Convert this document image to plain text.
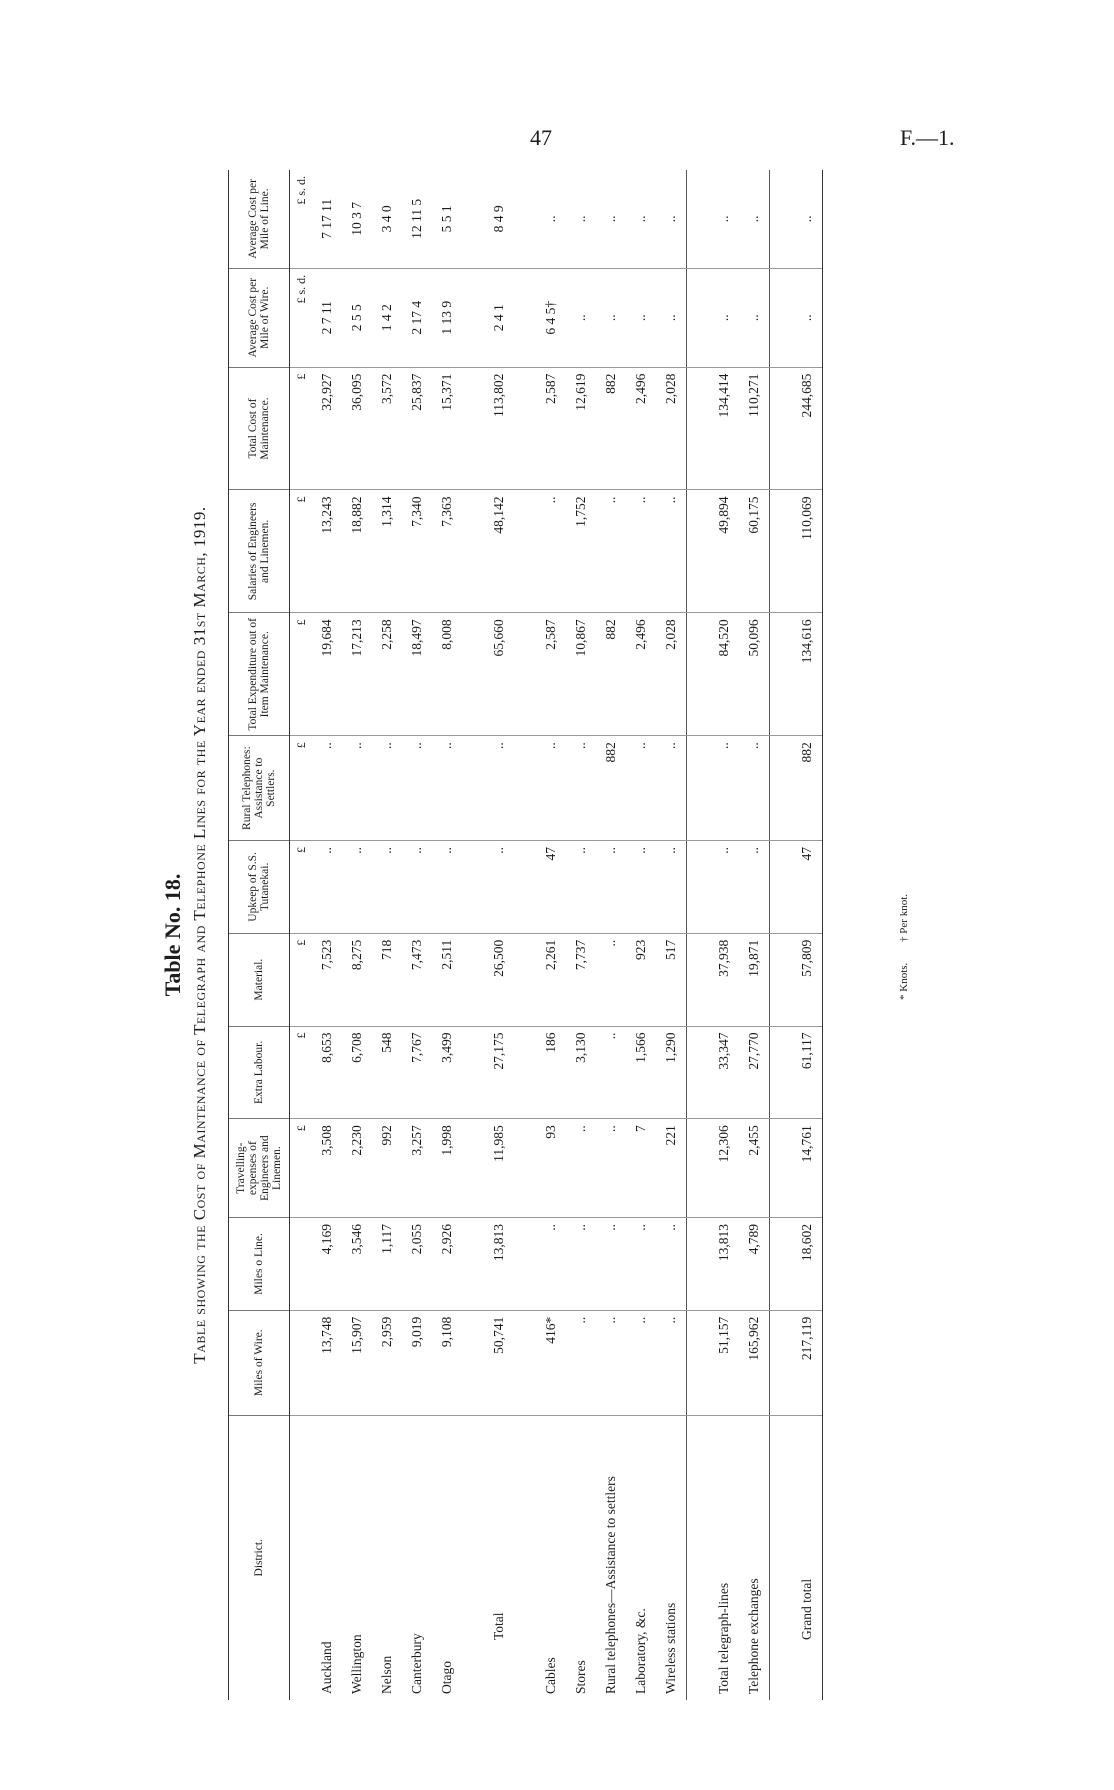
47	F.—1.
Table No. 18. Table showing the Cost of Maintenance of Telegraph and Telephone Lines for the Year ended 31st March, 1919.
District.	Miles of Wire.	Miles o Line.	Travelling-expenses of Engineers and Linemen.	Extra Labour.	Material.	Upkeep of S.S. Tutanekai.	Rural Telephones: Assistance to Settlers.	Total Expenditure out of Item Maintenance.	Salaries of Engineers and Linemen.	Total Cost of Maintenance.	Average Cost per Mile of Wire.	Average Cost per Mile of Line.
			£	£	£	£	£	£	£	£	£ s. d.	£ s. d.
Auckland	13,748	4,169	3,508	8,653	7,523	..	..	19,684	13,243	32,927	2 7 11	7 17 11
Wellington	15,907	3,546	2,230	6,708	8,275	..	..	17,213	18,882	36,095	2 5 5	10 3 7
Nelson	2,959	1,117	992	548	718	..	..	2,258	1,314	3,572	1 4 2	3 4 0
Canterbury	9,019	2,055	3,257	7,767	7,473	..	..	18,497	7,340	25,837	2 17 4	12 11 5
Otago	9,108	2,926	1,998	3,499	2,511	..	..	8,008	7,363	15,371	1 13 9	5 5 1

Total	50,741	13,813	11,985	27,175	26,500	..	..	65,660	48,142	113,802	2 4 1	8 4 9

Cables	416*	..	93	186	2,261	47	..	2,587	..	2,587	6 4 5†	..
Stores	..	..	..	3,130	7,737	..	..	10,867	1,752	12,619	..	..
Rural telephones—Assistance to settlers	..	..	..	..	..	..	882	882	..	882	..	..
Laboratory, &c.	..	..	7	1,566	923	..	..	2,496	..	2,496	..	..
Wireless stations	..	..	221	1,290	517	..	..	2,028	..	2,028	..	..

Total telegraph-lines	51,157	13,813	12,306	33,347	37,938	..	..	84,520	49,894	134,414	..	..
Telephone exchanges	165,962	4,789	2,455	27,770	19,871	..	..	50,096	60,175	110,271	..	..

Grand total	217,119	18,602	14,761	61,117	57,809	47	882	134,616	110,069	244,685	..	..
* Knots. † Per knot.
